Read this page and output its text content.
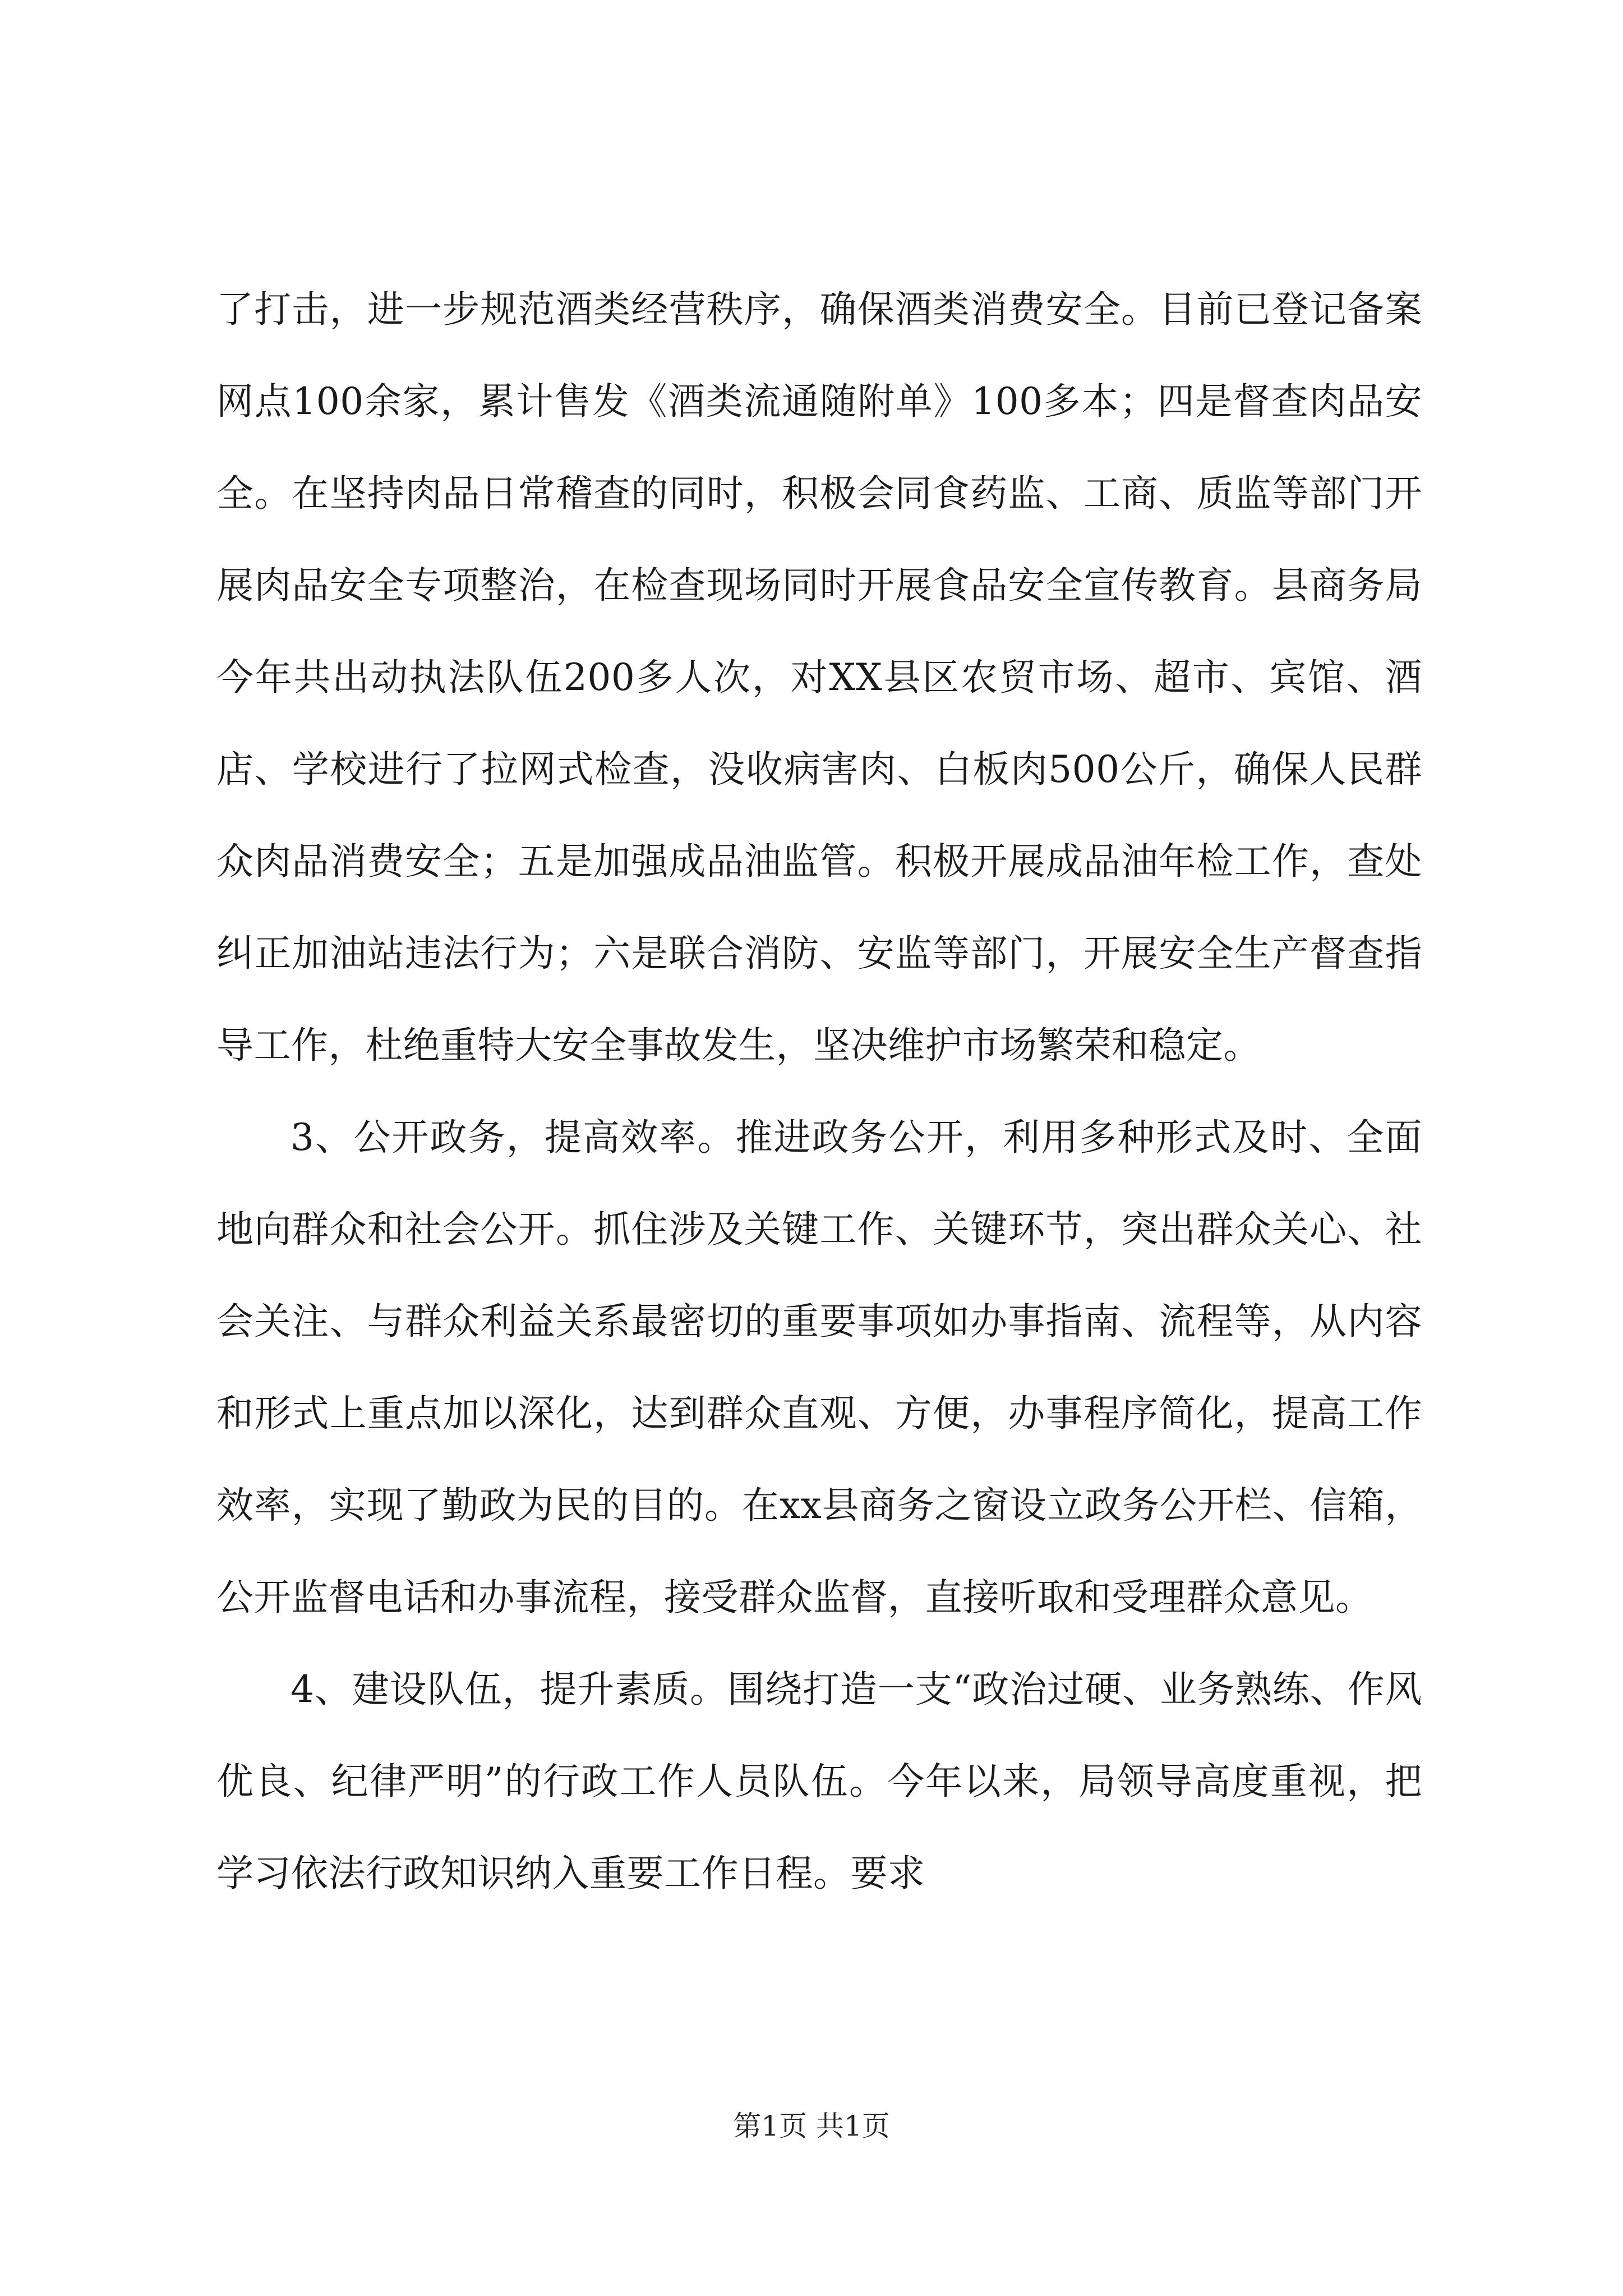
了打击，进一步规范酒类经营秩序，确保酒类消费安全。目前已登记备案网点100余家，累计售发《酒类流通随附单》100多本；四是督查肉品安全。在坚持肉品日常稽查的同时，积极会同食药监、工商、质监等部门开展肉品安全专项整治，在检查现场同时开展食品安全宣传教育。县商务局今年共出动执法队伍200多人次，对XX县区农贸市场、超市、宾馆、酒店、学校进行了拉网式检查，没收病害肉、白板肉500公斤，确保人民群众肉品消费安全；五是加强成品油监管。积极开展成品油年检工作，查处纠正加油站违法行为；六是联合消防、安监等部门，开展安全生产督查指导工作，杜绝重特大安全事故发生，坚决维护市场繁荣和稳定。

3、公开政务，提高效率。推进政务公开，利用多种形式及时、全面地向群众和社会公开。抓住涉及关键工作、关键环节，突出群众关心、社会关注、与群众利益关系最密切的重要事项如办事指南、流程等，从内容和形式上重点加以深化，达到群众直观、方便，办事程序简化，提高工作效率，实现了勤政为民的目的。在xx县商务之窗设立政务公开栏、信箱，公开监督电话和办事流程，接受群众监督，直接听取和受理群众意见。

4、建设队伍，提升素质。围绕打造一支“政治过硬、业务熟练、作风优良、纪律严明”的行政工作人员队伍。今年以来，局领导高度重视，把学习依法行政知识纳入重要工作日程。要求

第1页 共1页
